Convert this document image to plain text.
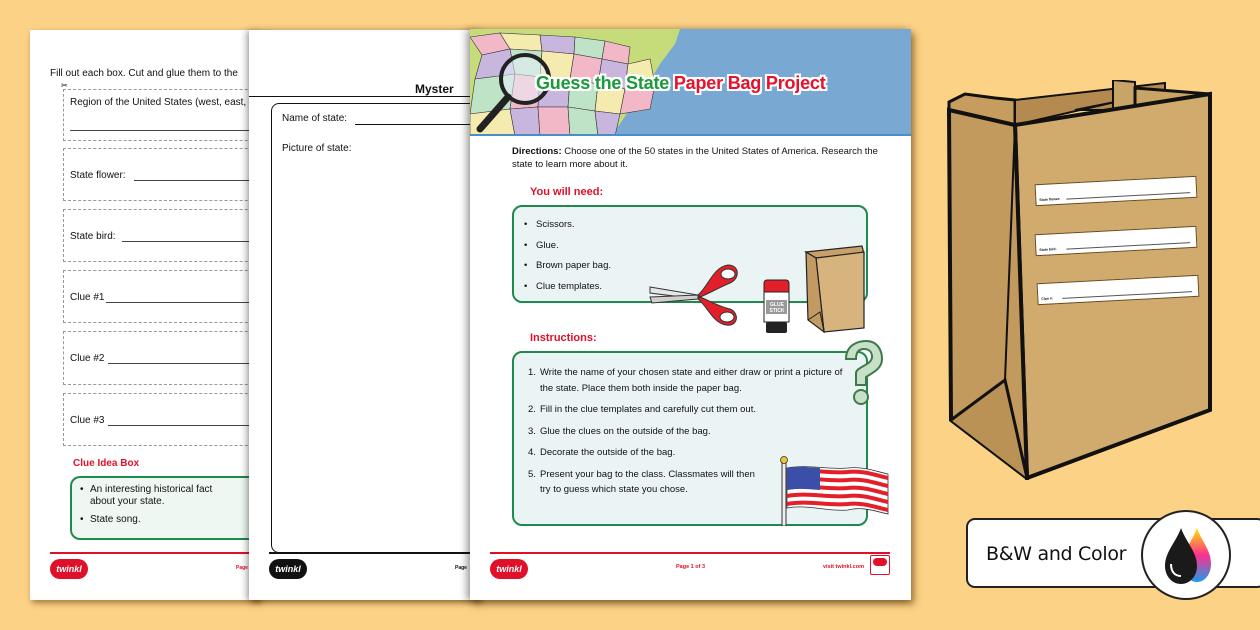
Fill out each box. Cut and glue them to the
✂
Region of the United States (west, east,
State flower:
State bird:
Clue #1
Clue #2
Clue #3
Clue Idea Box
• An interesting historical fact about your state.
• State song.
twinkl	Page
Myster
Name of state:
Picture of state:
twinkl	Page
Guess the State Paper Bag Project
Directions: Choose one of the 50 states in the United States of America. Research the state to learn more about it.
You will need:
• Scissors.
• Glue.
• Brown paper bag.
• Clue templates.
GLUE
STICK
Instructions:
1. Write the name of your chosen state and either draw or print a picture of the state. Place them both inside the paper bag.
2. Fill in the clue templates and carefully cut them out.
3. Glue the clues on the outside of the bag.
4. Decorate the outside of the bag.
5. Present your bag to the class. Classmates will then try to guess which state you chose.
twinkl	Page 1 of 3	visit twinkl.com
State flower:
State bird:
Clue #:
B&W and Color
